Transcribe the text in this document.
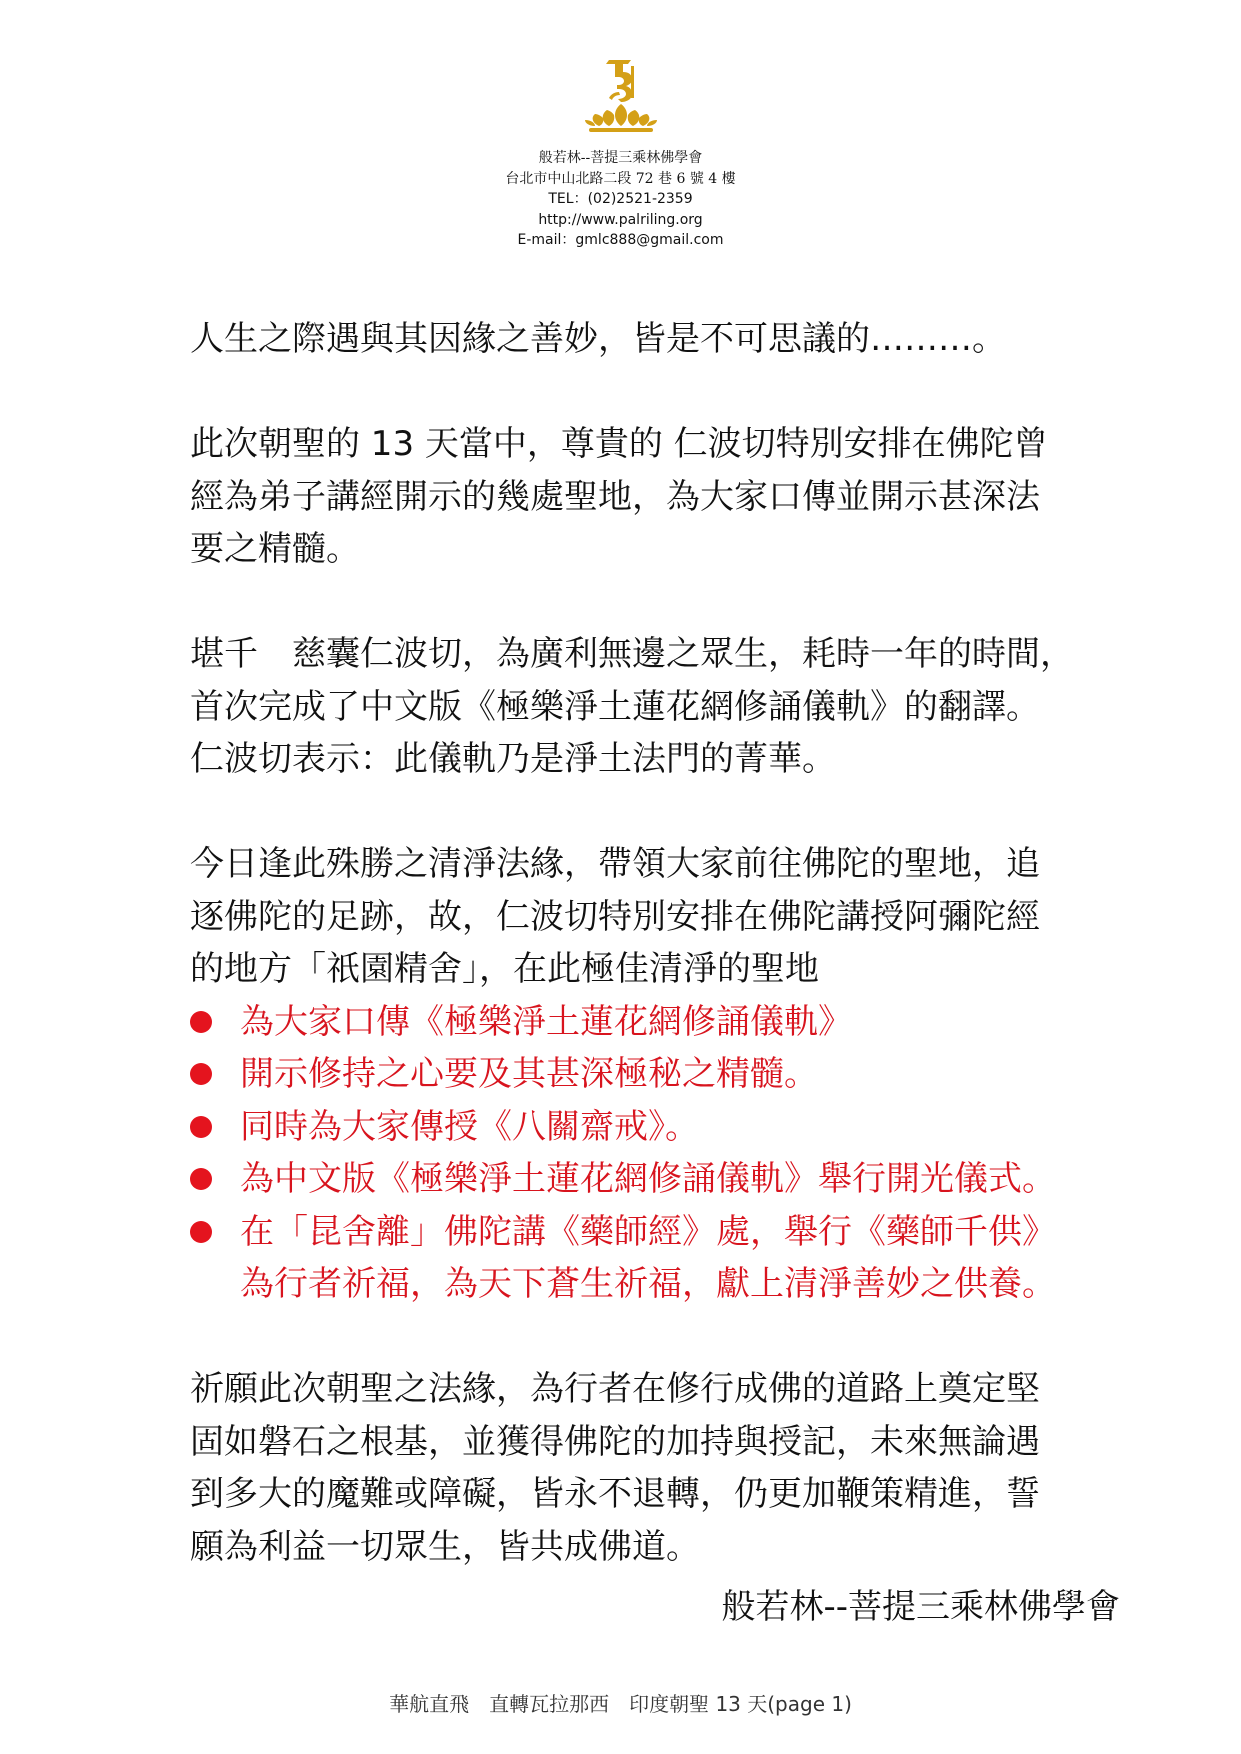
般若林--菩提三乘林佛學會
台北市中山北路二段 72 巷 6 號 4 樓
TEL：(02)2521-2359
http://www.palriling.org
E-mail：gmlc888@gmail.com

人生之際遇與其因緣之善妙，皆是不可思議的………。

此次朝聖的 13 天當中，尊貴的 仁波切特別安排在佛陀曾
經為弟子講經開示的幾處聖地，為大家口傳並開示甚深法
要之精髓。

堪千　慈囊仁波切，為廣利無邊之眾生，耗時一年的時間，
首次完成了中文版《極樂淨土蓮花網修誦儀軌》的翻譯。
仁波切表示：此儀軌乃是淨土法門的菁華。

今日逢此殊勝之清淨法緣，帶領大家前往佛陀的聖地，追
逐佛陀的足跡，故，仁波切特別安排在佛陀講授阿彌陀經
的地方「祇園精舍」，在此極佳清淨的聖地

為大家口傳《極樂淨土蓮花網修誦儀軌》
開示修持之心要及其甚深極秘之精髓。
同時為大家傳授《八關齋戒》。
為中文版《極樂淨土蓮花網修誦儀軌》舉行開光儀式。
在「昆舍離」佛陀講《藥師經》處，舉行《藥師千供》
為行者祈福，為天下蒼生祈福，獻上清淨善妙之供養。

祈願此次朝聖之法緣，為行者在修行成佛的道路上奠定堅
固如磐石之根基，並獲得佛陀的加持與授記，未來無論遇
到多大的魔難或障礙，皆永不退轉，仍更加鞭策精進，誓
願為利益一切眾生，皆共成佛道。

般若林--菩提三乘林佛學會
華航直飛　直轉瓦拉那西　印度朝聖 13 天(page 1)
